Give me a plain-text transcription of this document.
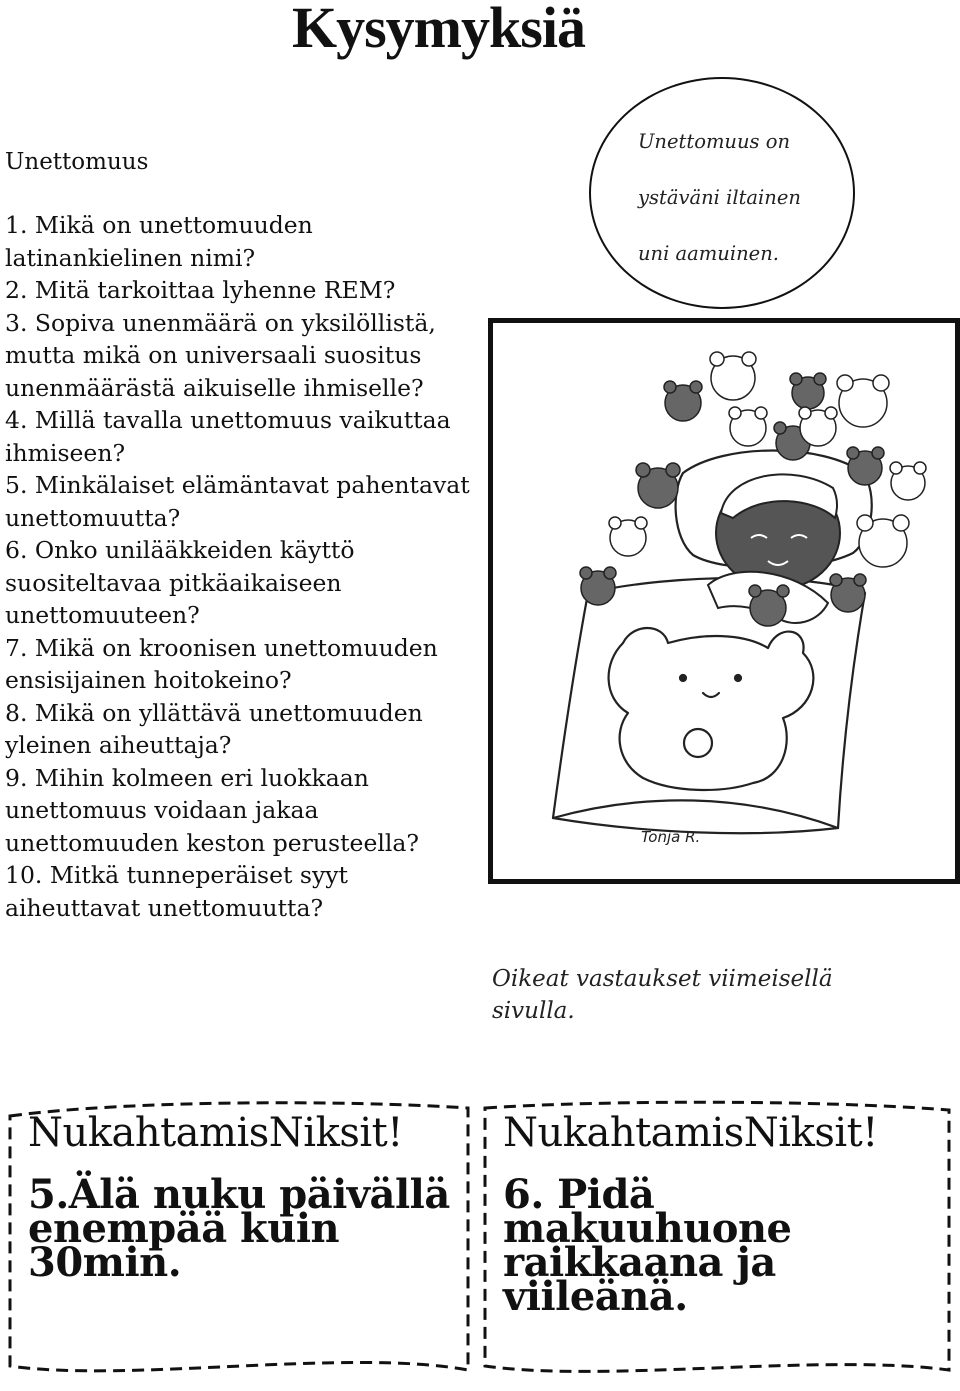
Kysymyksiä
Unettomuus
1. Mikä on unettomuuden latinankielinen nimi?
2. Mitä tarkoittaa lyhenne REM?
3. Sopiva unenmäärä on yksilöllistä, mutta mikä on universaali suositus unenmäärästä aikuiselle ihmiselle?
4. Millä tavalla unettomuus vaikuttaa ihmiseen?
5. Minkälaiset elämäntavat pahentavat unettomuutta?
6. Onko unilääkkeiden käyttö suositeltavaa pitkäaikaiseen unettomuuteen?
7. Mikä on kroonisen unettomuuden ensisijainen hoitokeino?
8. Mikä on yllättävä unettomuuden yleinen aiheuttaja?
9. Mihin kolmeen eri luokkaan unettomuus voidaan jakaa unettomuuden keston perusteella?
10. Mitkä tunneperäiset syyt aiheuttavat unettomuutta?
Unettomuus on
ystäväni iltainen
uni aamuinen.
Tonja R.
Oikeat vastaukset viimeisellä sivulla.
NukahtamisNiksit!
5.Älä nuku päivällä enempää kuin 30min.
NukahtamisNiksit!
6. Pidä makuuhuone raikkaana ja viileänä.
